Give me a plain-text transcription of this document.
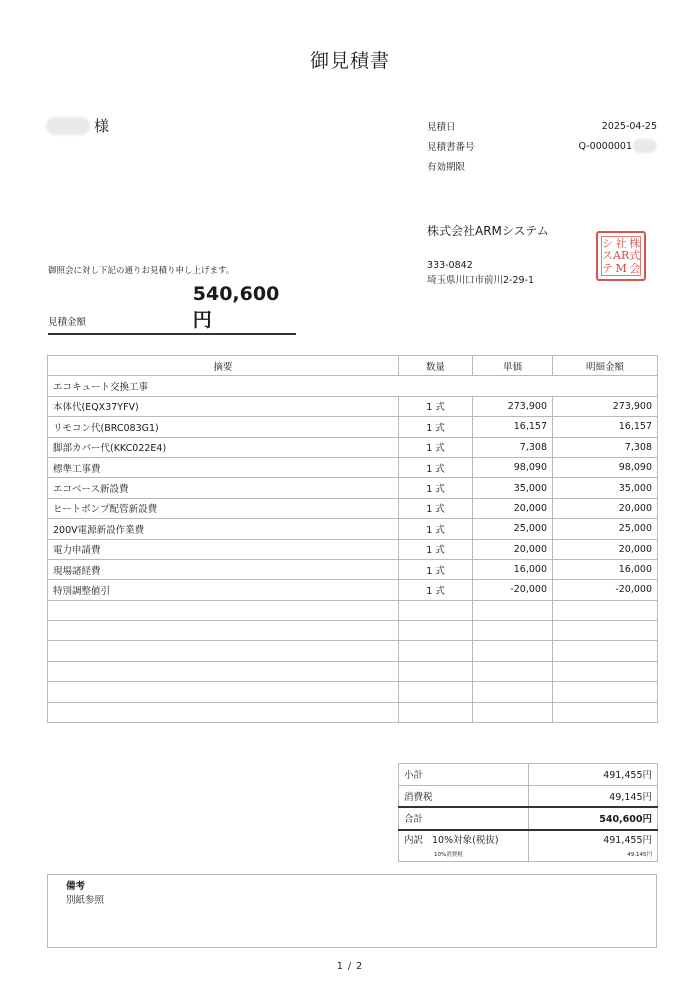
御見積書
様	見積日	2025-04-25
見積書番号	Q-0000001
有効期限
株式会社ARMシステム
御照会に対し下記の通りお見積り申し上げます。	333-0842
埼玉県川口市前川2-29-1
シ 社 株
ス AR 式
テ M 会
見積金額
540,600円
摘要	数量	単価	明細金額
エコキュート交換工事			
本体代(EQX37YFV)	1 式	273,900	273,900
リモコン代(BRC083G1)	1 式	16,157	16,157
脚部カバー代(KKC022E4)	1 式	7,308	7,308
標準工事費	1 式	98,090	98,090
エコベース新設費	1 式	35,000	35,000
ヒートポンプ配管新設費	1 式	20,000	20,000
200V電源新設作業費	1 式	25,000	25,000
電力申請費	1 式	20,000	20,000
現場諸経費	1 式	16,000	16,000
特別調整値引	1 式	-20,000	-20,000

小計	491,455円
消費税	49,145円
合計	540,600円
内訳 10%対象(税抜)	491,455円
10%消費税	49,145円
備考
別紙参照
1 / 2
